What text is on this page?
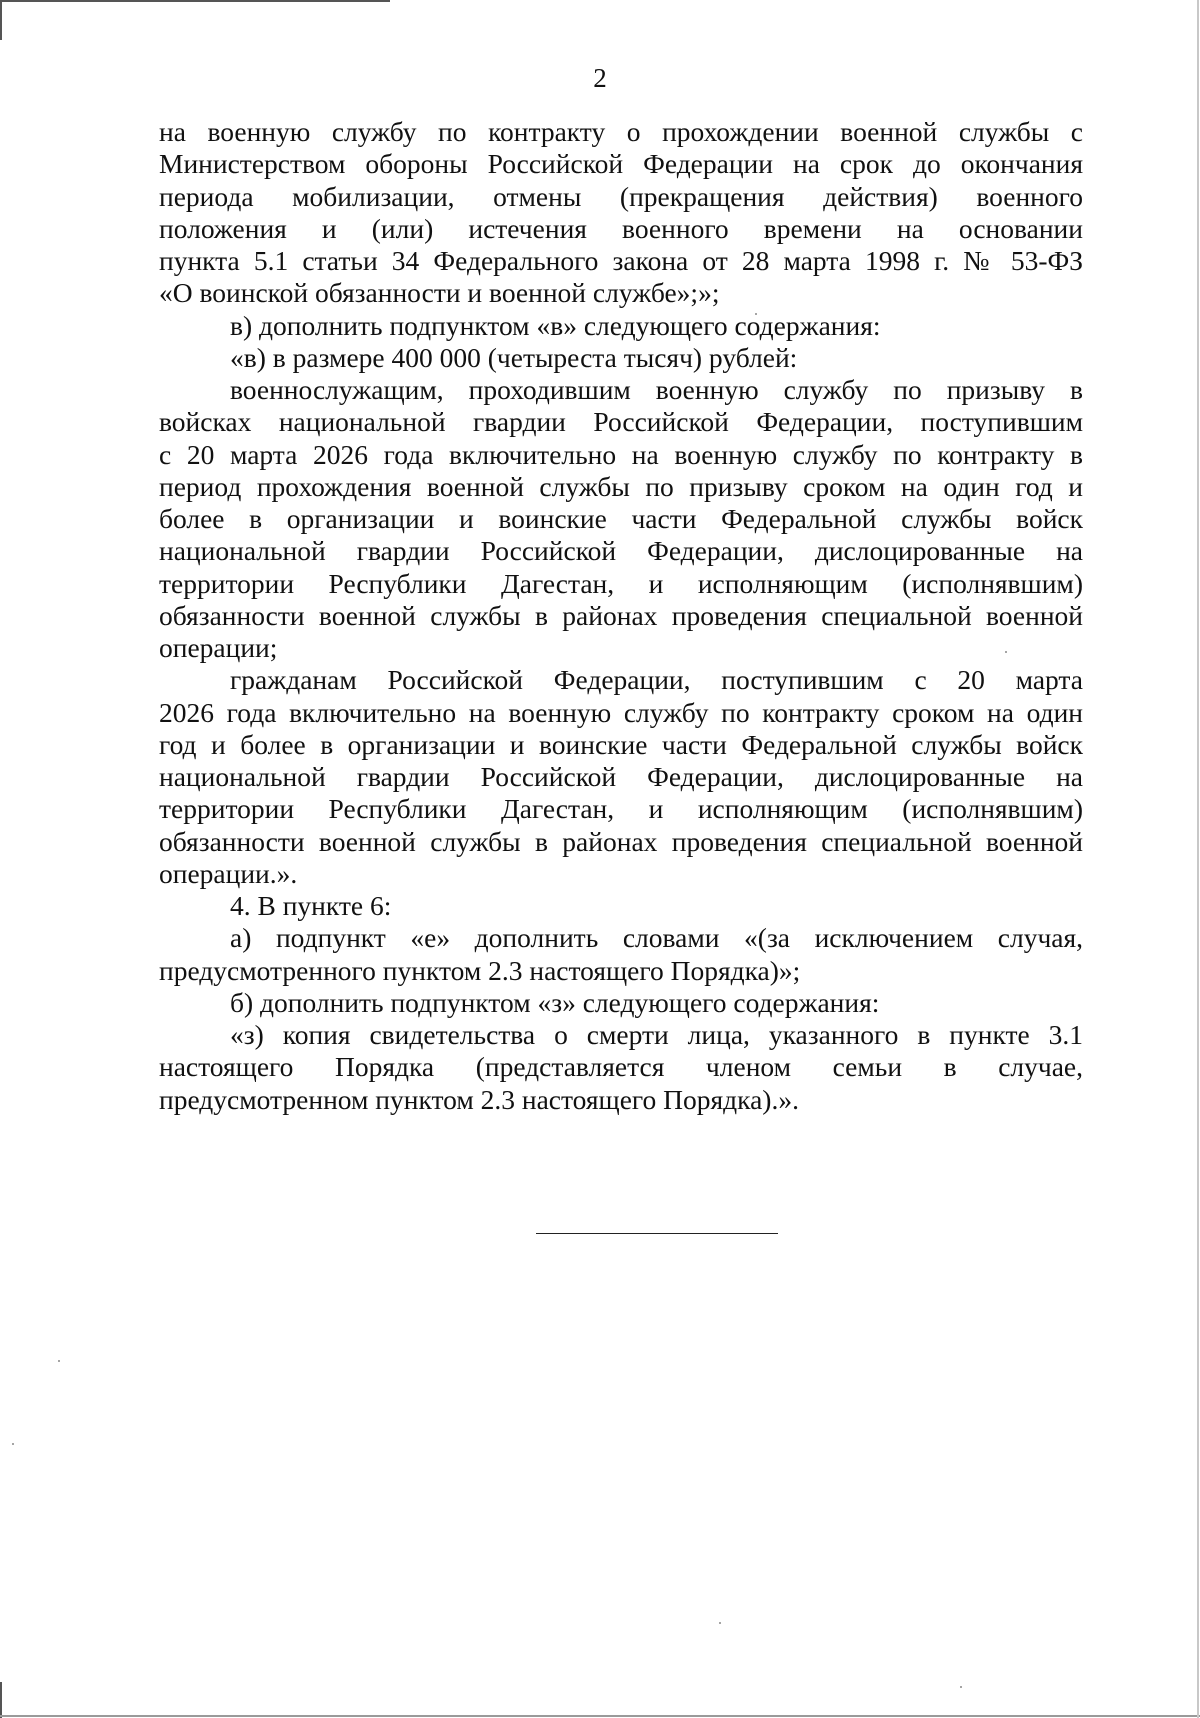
2
на военную службу по контракту о прохождении военной службы с
Министерством обороны Российской Федерации на срок до окончания
периода мобилизации, отмены (прекращения действия) военного
положения и (или) истечения военного времени на основании
пункта 5.1 статьи 34 Федерального закона от 28 марта 1998 г. № 53-ФЗ
«О воинской обязанности и военной службе»;»;
в) дополнить подпунктом «в» следующего содержания:
«в) в размере 400 000 (четыреста тысяч) рублей:
военнослужащим, проходившим военную службу по призыву в
войсках национальной гвардии Российской Федерации, поступившим
с 20 марта 2026 года включительно на военную службу по контракту в
период прохождения военной службы по призыву сроком на один год и
более в организации и воинские части Федеральной службы войск
национальной гвардии Российской Федерации, дислоцированные на
территории Республики Дагестан, и исполняющим (исполнявшим)
обязанности военной службы в районах проведения специальной военной
операции;
гражданам Российской Федерации, поступившим с 20 марта
2026 года включительно на военную службу по контракту сроком на один
год и более в организации и воинские части Федеральной службы войск
национальной гвардии Российской Федерации, дислоцированные на
территории Республики Дагестан, и исполняющим (исполнявшим)
обязанности военной службы в районах проведения специальной военной
операции.».
4. В пункте 6:
а) подпункт «е» дополнить словами «(за исключением случая,
предусмотренного пунктом 2.3 настоящего Порядка)»;
б) дополнить подпунктом «з» следующего содержания:
«з) копия свидетельства о смерти лица, указанного в пункте 3.1
настоящего Порядка (представляется членом семьи в случае,
предусмотренном пунктом 2.3 настоящего Порядка).».
